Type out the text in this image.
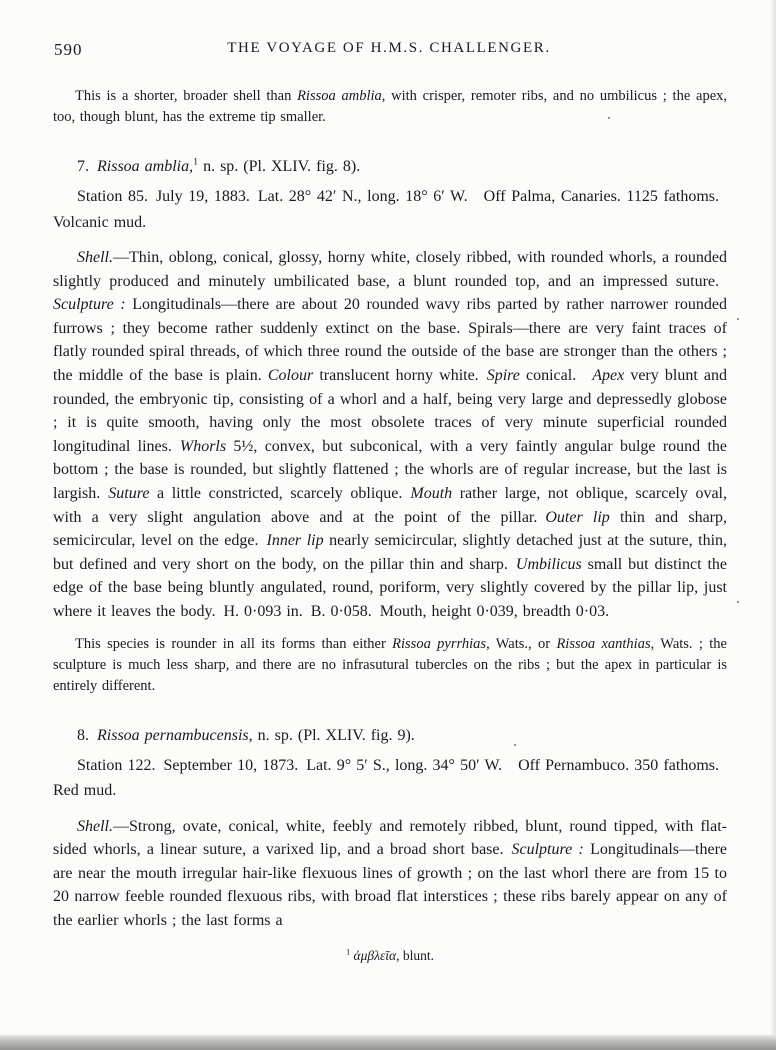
590	THE VOYAGE OF H.M.S. CHALLENGER.

This is a shorter, broader shell than Rissoa amblia, with crisper, remoter ribs, and no umbilicus ; the apex, too, though blunt, has the extreme tip smaller.

7. Rissoa amblia,$^1$ n. sp. (Pl. XLIV. fig. 8).

Station 85. July 19, 1883. Lat. 28° 42′ N., long. 18° 6′ W.  Off Palma, Canaries. 1125 fathoms. Volcanic mud.

Shell.—Thin, oblong, conical, glossy, horny white, closely ribbed, with rounded whorls, a rounded slightly produced and minutely umbilicated base, a blunt rounded top, and an impressed suture. Sculpture : Longitudinals—there are about 20 rounded wavy ribs parted by rather narrower rounded furrows ; they become rather suddenly extinct on the base. Spirals—there are very faint traces of flatly rounded spiral threads, of which three round the outside of the base are stronger than the others ; the middle of the base is plain. Colour translucent horny white. Spire conical.  Apex very blunt and rounded, the embryonic tip, consisting of a whorl and a half, being very large and depressedly globose ; it is quite smooth, having only the most obsolete traces of very minute superficial rounded longitudinal lines. Whorls 5½, convex, but subconical, with a very faintly angular bulge round the bottom ; the base is rounded, but slightly flattened ; the whorls are of regular increase, but the last is largish. Suture a little constricted, scarcely oblique. Mouth rather large, not oblique, scarcely oval, with a very slight angulation above and at the point of the pillar. Outer lip thin and sharp, semicircular, level on the edge. Inner lip nearly semicircular, slightly detached just at the suture, thin, but defined and very short on the body, on the pillar thin and sharp. Umbilicus small but distinct the edge of the base being bluntly angulated, round, poriform, very slightly covered by the pillar lip, just where it leaves the body. H. 0·093 in. B. 0·058. Mouth, height 0·039, breadth 0·03.

This species is rounder in all its forms than either Rissoa pyrrhias, Wats., or Rissoa xanthias, Wats. ; the sculpture is much less sharp, and there are no infrasutural tubercles on the ribs ; but the apex in particular is entirely different.

8. Rissoa pernambucensis, n. sp. (Pl. XLIV. fig. 9).

Station 122. September 10, 1873. Lat. 9° 5′ S., long. 34° 50′ W.  Off Pernambuco. 350 fathoms. Red mud.

Shell.—Strong, ovate, conical, white, feebly and remotely ribbed, blunt, round tipped, with flat-sided whorls, a linear suture, a varixed lip, and a broad short base. Sculpture : Longitudinals—there are near the mouth irregular hair-like flexuous lines of growth ; on the last whorl there are from 15 to 20 narrow feeble rounded flexuous ribs, with broad flat interstices ; these ribs barely appear on any of the earlier whorls ; the last forms a

$^1$ ἀμβλεῖα, blunt.
